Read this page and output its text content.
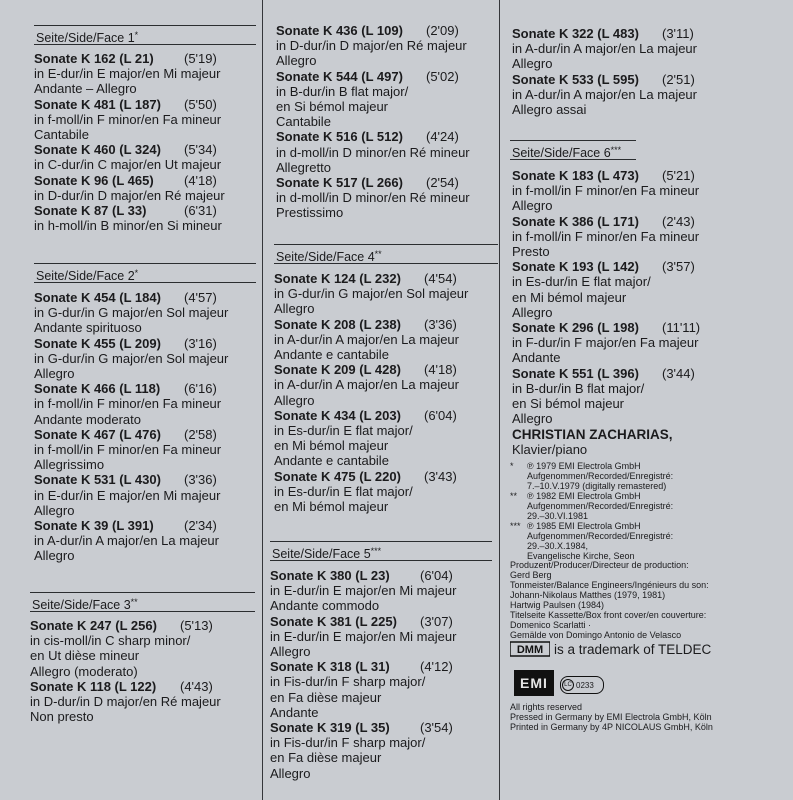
Seite/Side/Face 1*
Sonate K 162 (L 21)	(5'19)
in E-dur/in E major/en Mi majeur
Andante – Allegro
Sonate K 481 (L 187)	(5'50)
in f-moll/in F minor/en Fa mineur
Cantabile
Sonate K 460 (L 324)	(5'34)
in C-dur/in C major/en Ut majeur
Sonate K 96 (L 465)	(4'18)
in D-dur/in D major/en Ré majeur
Sonate K 87 (L 33)	(6'31)
in h-moll/in B minor/en Si mineur
Seite/Side/Face 2*
Sonate K 454 (L 184)	(4'57)
in G-dur/in G major/en Sol majeur
Andante spirituoso
Sonate K 455 (L 209)	(3'16)
in G-dur/in G major/en Sol majeur
Allegro
Sonate K 466 (L 118)	(6'16)
in f-moll/in F minor/en Fa mineur
Andante moderato
Sonate K 467 (L 476)	(2'58)
in f-moll/in F minor/en Fa mineur
Allegrissimo
Sonate K 531 (L 430)	(3'36)
in E-dur/in E major/en Mi majeur
Allegro
Sonate K 39 (L 391)	(2'34)
in A-dur/in A major/en La majeur
Allegro
Seite/Side/Face 3**
Sonate K 247 (L 256)	(5'13)
in cis-moll/in C sharp minor/
en Ut dièse mineur
Allegro (moderato)
Sonate K 118 (L 122)	(4'43)
in D-dur/in D major/en Ré majeur
Non presto
Sonate K 436 (L 109)	(2'09)
in D-dur/in D major/en Ré majeur
Allegro
Sonate K 544 (L 497)	(5'02)
in B-dur/in B flat major/
en Si bémol majeur
Cantabile
Sonate K 516 (L 512)	(4'24)
in d-moll/in D minor/en Ré mineur
Allegretto
Sonate K 517 (L 266)	(2'54)
in d-moll/in D minor/en Ré mineur
Prestissimo
Seite/Side/Face 4**
Sonate K 124 (L 232)	(4'54)
in G-dur/in G major/en Sol majeur
Allegro
Sonate K 208 (L 238)	(3'36)
in A-dur/in A major/en La majeur
Andante e cantabile
Sonate K 209 (L 428)	(4'18)
in A-dur/in A major/en La majeur
Allegro
Sonate K 434 (L 203)	(6'04)
in Es-dur/in E flat major/
en Mi bémol majeur
Andante e cantabile
Sonate K 475 (L 220)	(3'43)
in Es-dur/in E flat major/
en Mi bémol majeur
Seite/Side/Face 5***
Sonate K 380 (L 23)	(6'04)
in E-dur/in E major/en Mi majeur
Andante commodo
Sonate K 381 (L 225)	(3'07)
in E-dur/in E major/en Mi majeur
Allegro
Sonate K 318 (L 31)	(4'12)
in Fis-dur/in F sharp major/
en Fa dièse majeur
Andante
Sonate K 319 (L 35)	(3'54)
in Fis-dur/in F sharp major/
en Fa dièse majeur
Allegro
Sonate K 322 (L 483)	(3'11)
in A-dur/in A major/en La majeur
Allegro
Sonate K 533 (L 595)	(2'51)
in A-dur/in A major/en La majeur
Allegro assai
Seite/Side/Face 6***
Sonate K 183 (L 473)	(5'21)
in f-moll/in F minor/en Fa mineur
Allegro
Sonate K 386 (L 171)	(2'43)
in f-moll/in F minor/en Fa mineur
Presto
Sonate K 193 (L 142)	(3'57)
in Es-dur/in E flat major/
en Mi bémol majeur
Allegro
Sonate K 296 (L 198)	(11'11)
in F-dur/in F major/en Fa majeur
Andante
Sonate K 551 (L 396)	(3'44)
in B-dur/in B flat major/
en Si bémol majeur
Allegro
CHRISTIAN ZACHARIAS,
Klavier/piano
*	℗ 1979 EMI Electrola GmbH
Aufgenommen/Recorded/Enregistré:
7.–10.V.1979 (digitally remastered)
**	℗ 1982 EMI Electrola GmbH
Aufgenommen/Recorded/Enregistré:
29.–30.VI.1981
*** ℗ 1985 EMI Electrola GmbH
Aufgenommen/Recorded/Enregistré:
29.–30.X.1984,
Evangelische Kirche, Seon
Produzent/Producer/Directeur de production:
Gerd Berg
Tonmeister/Balance Engineers/Ingénieurs du son:
Johann-Nikolaus Matthes (1979, 1981)
Hartwig Paulsen (1984)
Titelseite Kassette/Box front cover/en couverture:
Domenico Scarlatti ·
Gemälde von Domingo Antonio de Velasco
DMM is a trademark of TELDEC
EMI	LC 0233
All rights reserved
Pressed in Germany by EMI Electrola GmbH, Köln
Printed in Germany by 4P NICOLAUS GmbH, Köln
